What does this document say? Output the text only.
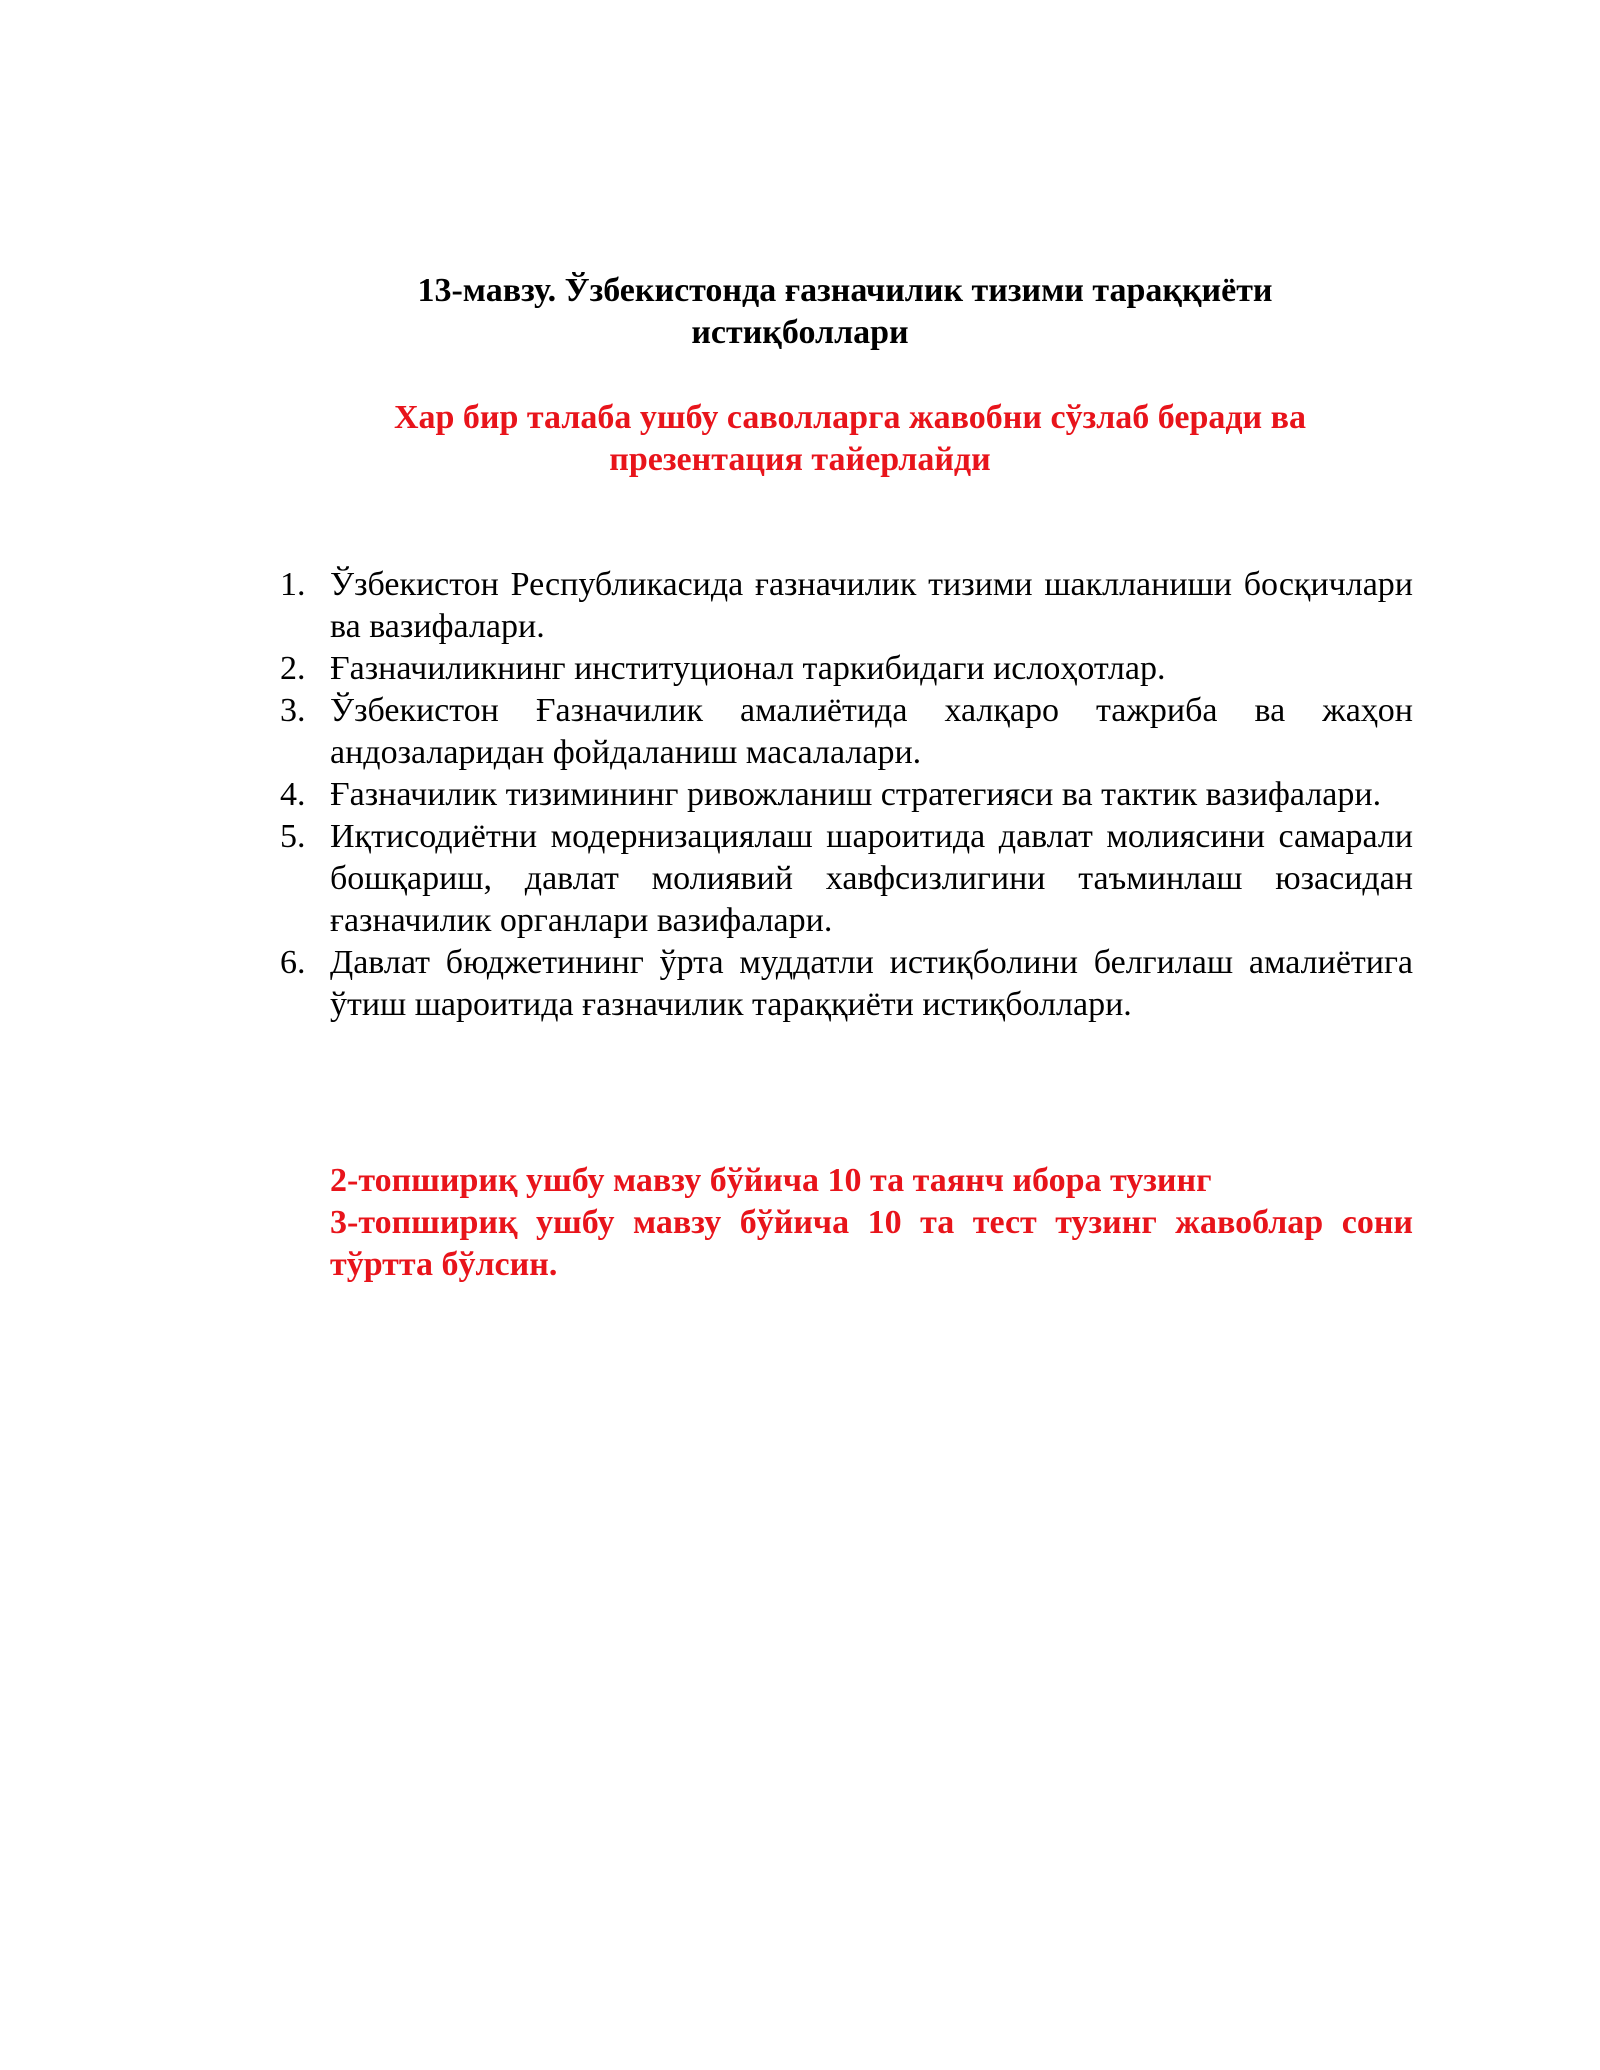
13-мавзу. Ўзбекистонда ғазначилик тизими тараққиёти
истиқболлари
Хар бир талаба ушбу саволларга жавобни сўзлаб беради ва
презентация тайерлайди
1. Ўзбекистон Республикасида ғазначилик тизими шаклланиши босқичлари ва вазифалари.
2. Ғазначиликнинг институционал таркибидаги ислоҳотлар.
3. Ўзбекистон Ғазначилик амалиётида халқаро тажриба ва жаҳон андозаларидан фойдаланиш масалалари.
4. Ғазначилик тизимининг ривожланиш стратегияси ва тактик вазифалари.
5. Иқтисодиётни модернизациялаш шароитида давлат молиясини самарали бошқариш, давлат молиявий хавфсизлигини таъминлаш юзасидан ғазначилик органлари вазифалари.
6. Давлат бюджетининг ўрта муддатли истиқболини белгилаш амалиётига ўтиш шароитида ғазначилик тараққиёти истиқболлари.

2-топшириқ ушбу мавзу бўйича 10 та таянч ибора тузинг

3-топшириқ ушбу мавзу бўйича 10 та тест тузинг жавоблар сони тўртта бўлсин.
